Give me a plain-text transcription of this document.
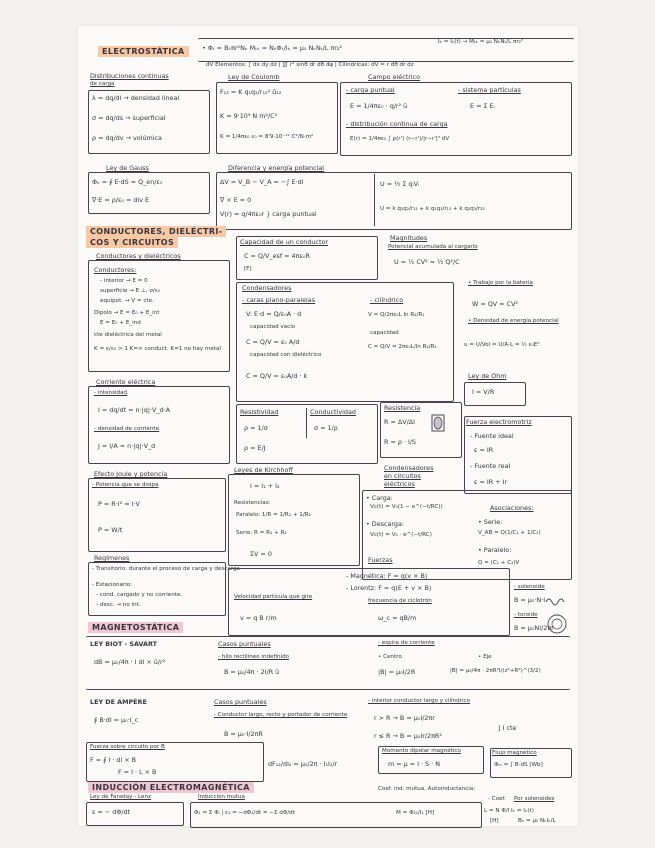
ELECTROSTÁTICA	• Φₜ = B₀πr²Nₖ Mₜₖ = NₖΦₜ/Iₖ = μ₀ NₖNₜ/L πr₂²
Iₖ = Iₖ(t) → Mₜₖ = μ₀ NₖNₜ/L πr₂²
dV Elementos: ∫ dx dy dz | ∭ r² sinθ dr dθ dφ | Cilíndricas: dV = r dθ dr dz
Distribuciones continuas
de carga
λ = dq/dl → densidad lineal
σ = dq/ds → superficial
ρ = dq/dv → volúmica
Ley de Coulomb
F₁₂ = K q₁q₂/r₁₂² û₁₂
K = 9·10⁹ N m²/C²
K = 1/4πε₀ ε₀ = 8'9·10⁻¹² C²/N·m²
Campo eléctrico
- carga puntual	- sistema partículas
E = 1/4πε₀ · q/r² ū	E = Σ Eᵢ
- distribución continua de carga
E(r) = 1/4πε₀ ∫ ρ(r') (r−r')/|r−r'|³ dV
Ley de Gauss
Φₑ = ∮ E·dS = Q_en/ε₀
∇·E = ρ/ε₀ = div E
Diferencia y energía potencial
ΔV = V_B − V_A = −∫ E·dl
∇ × E = 0
V(r) = q/4πε₀r } carga puntual
U = ½ Σ qᵢVᵢ
U = k q₁q₂/r₁₂ + k q₁q₃/r₁₃ + k q₂q₃/r₂₃
CONDUCTORES, DIELÉCTRI-
COS Y CIRCUITOS
Conductores y dieléctricos
Conductores:
- interior → E = 0
superficie → E ⊥, σ/ε₀
equipot. → V = cte.
Dipolo → E = E₀ + E_int
E = E₀ + E_ind
cte dieléctrica del metal
K = ε/ε₀ > 1 K=∞ conduct. K=1 no hay metal
Capacidad de un conductor
C = Q/V_esf = 4πε₀R
[F]
Condensadores
- caras plano-paralelas
V: E·d = Q/ε₀A · d
capacidad vacío
C = Q/V = ε₀ A/d
capacidad con dieléctrico
C = Q/V = ε₀A/d · k
- cilíndrico
V = Q/2πε₀L ln R₂/R₁
capacidad
C = Q/V = 2πε₀L/ln R₂/R₁
Magnitudes
Potencial acumulada al cargarlo
U = ½ CV² = ½ Q²/C
• Trabajo por la batería
W = QV = CV²
• Densidad de energía potencial
u = U/Vol = U/A·L = ½ ε₀E²
Ley de Ohm
I = V/R
Corriente eléctrica
- intensidad
I = dq/dt = n·|q|·V_d·A
- densidad de corriente
J = I/A = n·|q|·V_d
Resistividad	Conductividad
ρ = 1/σ	σ = 1/ρ
ρ = E/J
Resistencia
R = ΔV/ΔI
R = ρ · l/S
Condensadores
en circuitos
eléctricos
Fuerza electromotriz
- Fuente ideal
ε = IR
- Fuente real
ε = IR + Ir
Efecto Joule y potencia
- Potencia que se disipa
P = R·I² = I·V
P = W/t
Leyes de Kirchhoff
I = I₁ + I₂
Resistencias:
Paralelo: 1/R = 1/R₁ + 1/R₂
Serie: R = R₁ + R₂
ΣV = 0
• Carga:
Vc(t) = V₀(1 − e^(−t/RC))
• Descarga:
Vc(t) = V₀ · e^(−t/RC)
Asociaciones:
• Serie:
V_AB = Q(1/C₁ + 1/C₂)
• Paralelo:
Q = (C₁ + C₂)V
Regímenes
- Transitorio: durante el proceso de carga y descarga
- Estacionario:
- cond. cargado y no corriente.
- desc. → no int.
Fuerzas
- Magnética: F = q(v × B)
- Lorentz: F = q(E + v × B)
Velocidad partícula que gire
v = q B r/m
frecuencia de ciclotrón
ω_c = qB/m
- solenoide
B = μ₀·N·I
- toroide
B = μ₀NI/2πr
MAGNETOSTÁTICA
LEY BIOT - SAVART
dB = μ₀/4π · I dl × ū/r²
Casos puntuales
- hilo rectilíneo indefinido
B = μ₀/4π · 2I/R ū
- espira de corriente
• Centro
|B| = μ₀I/2R
• Eje
|B| = μ₀/4π · 2πR²I/(z²+R²)^(3/2)
LEY DE AMPÈRE
∮ B·dl = μ₀·I_c
Casos puntuales
- Conductor largo, recto y portador de corriente
B = μ₀·I/2πR
- interior conductor largo y cilíndrico
r > R → B = μ₀I/2πr
r ≤ R → B = μ₀Ir/2πR²
] I cte
Fuerza sobre circuito por B
F = ∮ I · dl × B
F = I · L × B
dF₁₂/dl₂ = μ₀/2π · I₁I₂/r
Momento dipolar magnético
m = μ = I · S · N
Flujo magnético
Φₘ = ∫ B·dS [Wb]
INDUCCIÓN ELECTROMAGNÉTICA
Ley de Faraday - Lenz
ε = − dΦ/dt
Inducción mutua
Φ₁ = Σ Φᵢ | ε₁ = −dΦ₁/dt = −Σ dΦ/dt	M = Φ₂₁/I₁ [H]
Coef. ind. mutua, Autoinductancia:
- Coef. Por solenoides
L = N Φ/I Iₖ = Iₖ(t)
[H]	Bₖ = μ₀ NₖIₖ/L
